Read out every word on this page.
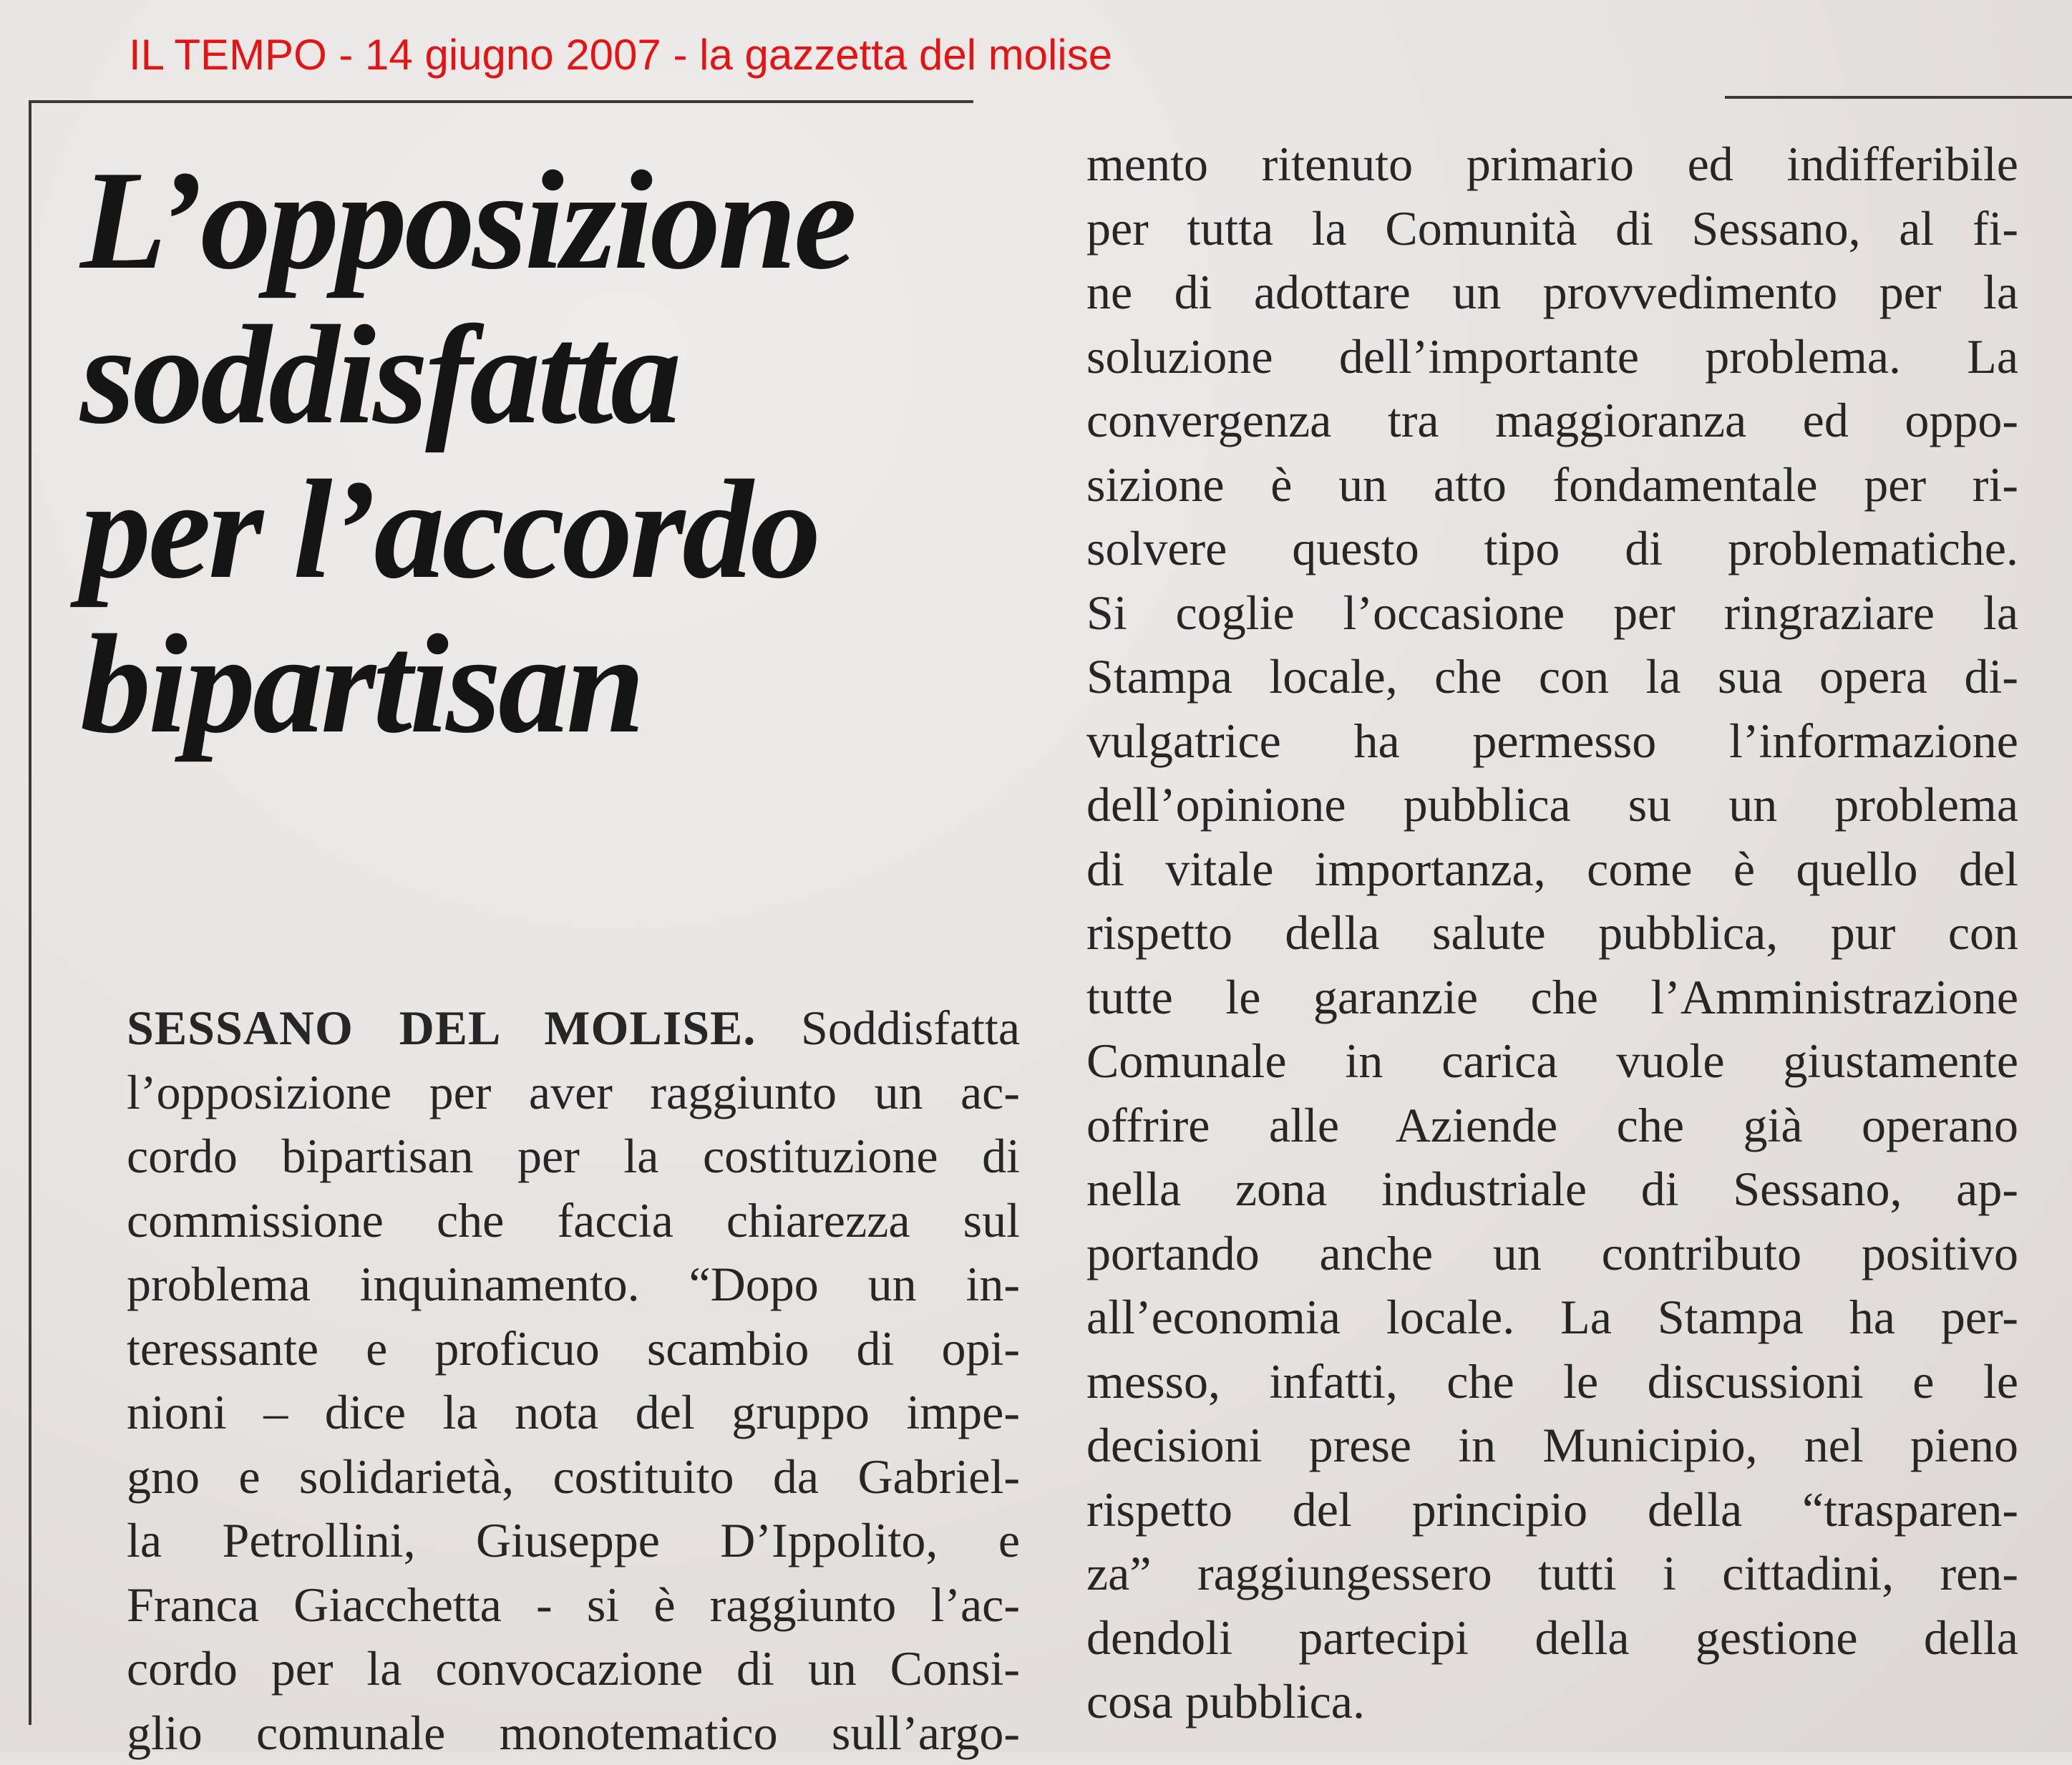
IL TEMPO - 14 giugno 2007 - la gazzetta del molise
L’opposizione
soddisfatta
per l’accordo
bipartisan
SESSANO DEL MOLISE. Soddisfatta
l’opposizione per aver raggiunto un ac-
cordo bipartisan per la costituzione di
commissione che faccia chiarezza sul
problema inquinamento. “Dopo un in-
teressante e proficuo scambio di opi-
nioni – dice la nota del gruppo impe-
gno e solidarietà, costituito da Gabriel-
la Petrollini, Giuseppe D’Ippolito, e
Franca Giacchetta - si è raggiunto l’ac-
cordo per la convocazione di un Consi-
glio comunale monotematico sull’argo-
mento ritenuto primario ed indifferibile
per tutta la Comunità di Sessano, al fi-
ne di adottare un provvedimento per la
soluzione dell’importante problema. La
convergenza tra maggioranza ed oppo-
sizione è un atto fondamentale per ri-
solvere questo tipo di problematiche.
Si coglie l’occasione per ringraziare la
Stampa locale, che con la sua opera di-
vulgatrice ha permesso l’informazione
dell’opinione pubblica su un problema
di vitale importanza, come è quello del
rispetto della salute pubblica, pur con
tutte le garanzie che l’Amministrazione
Comunale in carica vuole giustamente
offrire alle Aziende che già operano
nella zona industriale di Sessano, ap-
portando anche un contributo positivo
all’economia locale. La Stampa ha per-
messo, infatti, che le discussioni e le
decisioni prese in Municipio, nel pieno
rispetto del principio della “trasparen-
za” raggiungessero tutti i cittadini, ren-
dendoli partecipi della gestione della
cosa pubblica.
